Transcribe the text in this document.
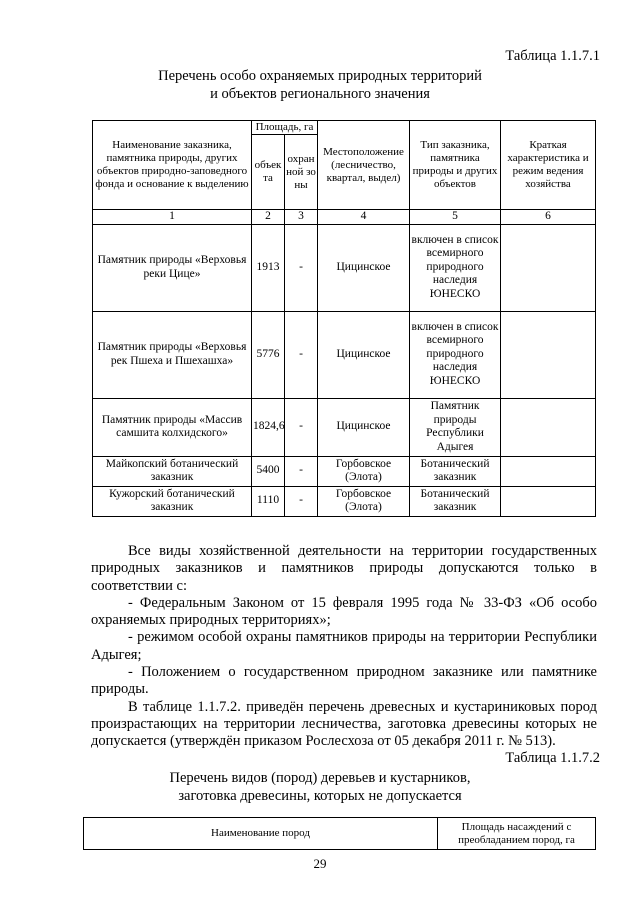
Таблица 1.1.7.1
Перечень особо охраняемых природных территорий
и объектов регионального значения
Наименование заказника, памятника природы, других объектов природно-заповедного фонда и основание к выделению	Площадь, га		Местоположение (лесничество, квартал, выдел)	Тип заказника, памятника природы и других объектов	Краткая характеристика и режим ведения хозяйства
	объекта	охранной зоны			
1	2	3	4	5	6
Памятник природы «Верховья реки Цице»	1913	-	Цицинское	включен в список всемирного природного наследия ЮНЕСКО	
Памятник природы «Верховья рек Пшеха и Пшехашха»	5776	-	Цицинское	включен в список всемирного природного наследия ЮНЕСКО	
Памятник природы «Массив самшита колхидского»	1824,6	-	Цицинское	Памятник природы Республики Адыгея	
Майкопский ботанический заказник	5400	-	Горбовское (Элота)	Ботанический заказник	
Кужорский ботанический заказник	1110	-	Горбовское (Элота)	Ботанический заказник	

Все виды хозяйственной деятельности на территории государственных природных заказников и памятников природы допускаются только в соответствии с:

- Федеральным Законом от 15 февраля 1995 года № 33-ФЗ «Об особо охраняемых природных территориях»;

- режимом особой охраны памятников природы на территории Республики Адыгея;

- Положением о государственном природном заказнике или памятнике природы.

В таблице 1.1.7.2. приведён перечень древесных и кустариниковых пород произрастающих на территории лесничества, заготовка древесины которых не допускается (утверждён приказом Рослесхоза от 05 декабря 2011 г. № 513).

Таблица 1.1.7.2
Перечень видов (пород) деревьев и кустарников,
заготовка древесины, которых не допускается
Наименование пород	Площадь насаждений с преобладанием пород, га
29
